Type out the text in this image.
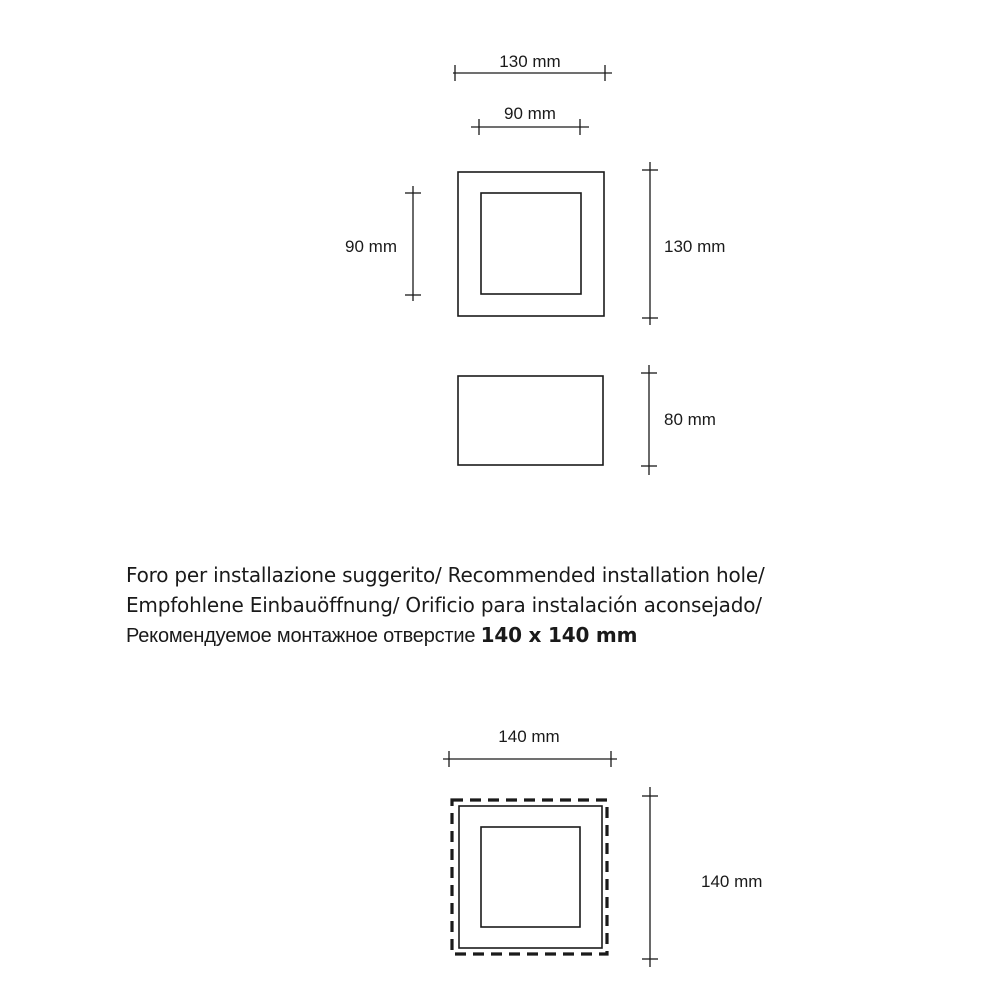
130 mm
90 mm
90 mm	130 mm
80 mm
140 mm
140 mm
Foro per installazione suggerito/ Recommended installation hole/
Empfohlene Einbauöffnung/ Orificio para instalación aconsejado/
Рекомендуемое монтажное отверстие 140 x 140 mm
